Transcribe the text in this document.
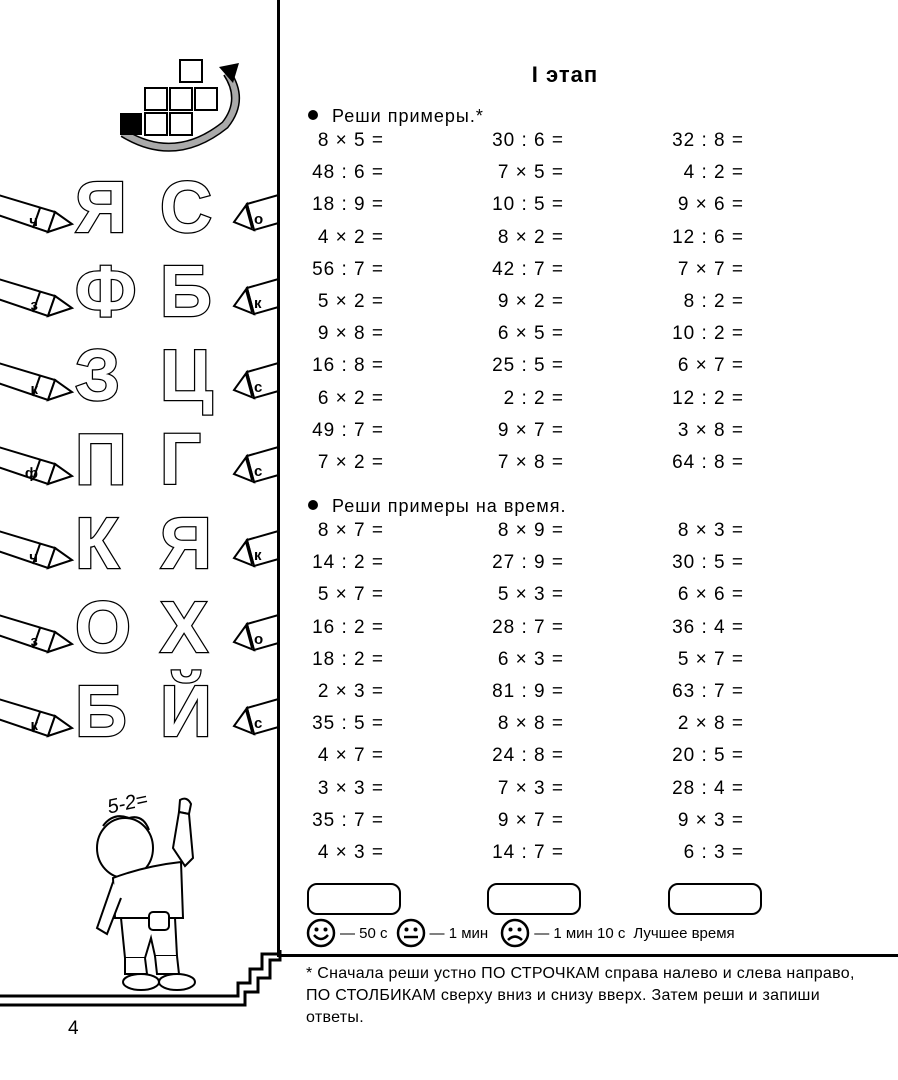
ч	о
Я С
з	к
Ф Б
к	с
З Ц
ф	с
П Г
ч	к
К Я
з	о
О Х
к	с
Б Й
5-2=
I этап
Реши примеры.*
8 × 5 =	30 : 6 =	32 : 8 =
48 : 6 =	7 × 5 =	4 : 2 =
18 : 9 =	10 : 5 =	9 × 6 =
4 × 2 =	8 × 2 =	12 : 6 =
56 : 7 =	42 : 7 =	7 × 7 =
5 × 2 =	9 × 2 =	8 : 2 =
9 × 8 =	6 × 5 =	10 : 2 =
16 : 8 =	25 : 5 =	6 × 7 =
6 × 2 =	2 : 2 =	12 : 2 =
49 : 7 =	9 × 7 =	3 × 8 =
7 × 2 =	7 × 8 =	64 : 8 =
Реши примеры на время.
8 × 7 =	8 × 9 =	8 × 3 =
14 : 2 =	27 : 9 =	30 : 5 =
5 × 7 =	5 × 3 =	6 × 6 =
16 : 2 =	28 : 7 =	36 : 4 =
18 : 2 =	6 × 3 =	5 × 7 =
2 × 3 =	81 : 9 =	63 : 7 =
35 : 5 =	8 × 8 =	2 × 8 =
4 × 7 =	24 : 8 =	20 : 5 =
3 × 3 =	7 × 3 =	28 : 4 =
35 : 7 =	9 × 7 =	9 × 3 =
4 × 3 =	14 : 7 =	6 : 3 =
— 50 с	— 1 мин	— 1 мин 10 с Лучшее время
* Сначала реши устно ПО СТРОЧКАМ справа налево и слева направо, ПО СТОЛБИКАМ сверху вниз и снизу вверх. Затем реши и запиши ответы.
4
